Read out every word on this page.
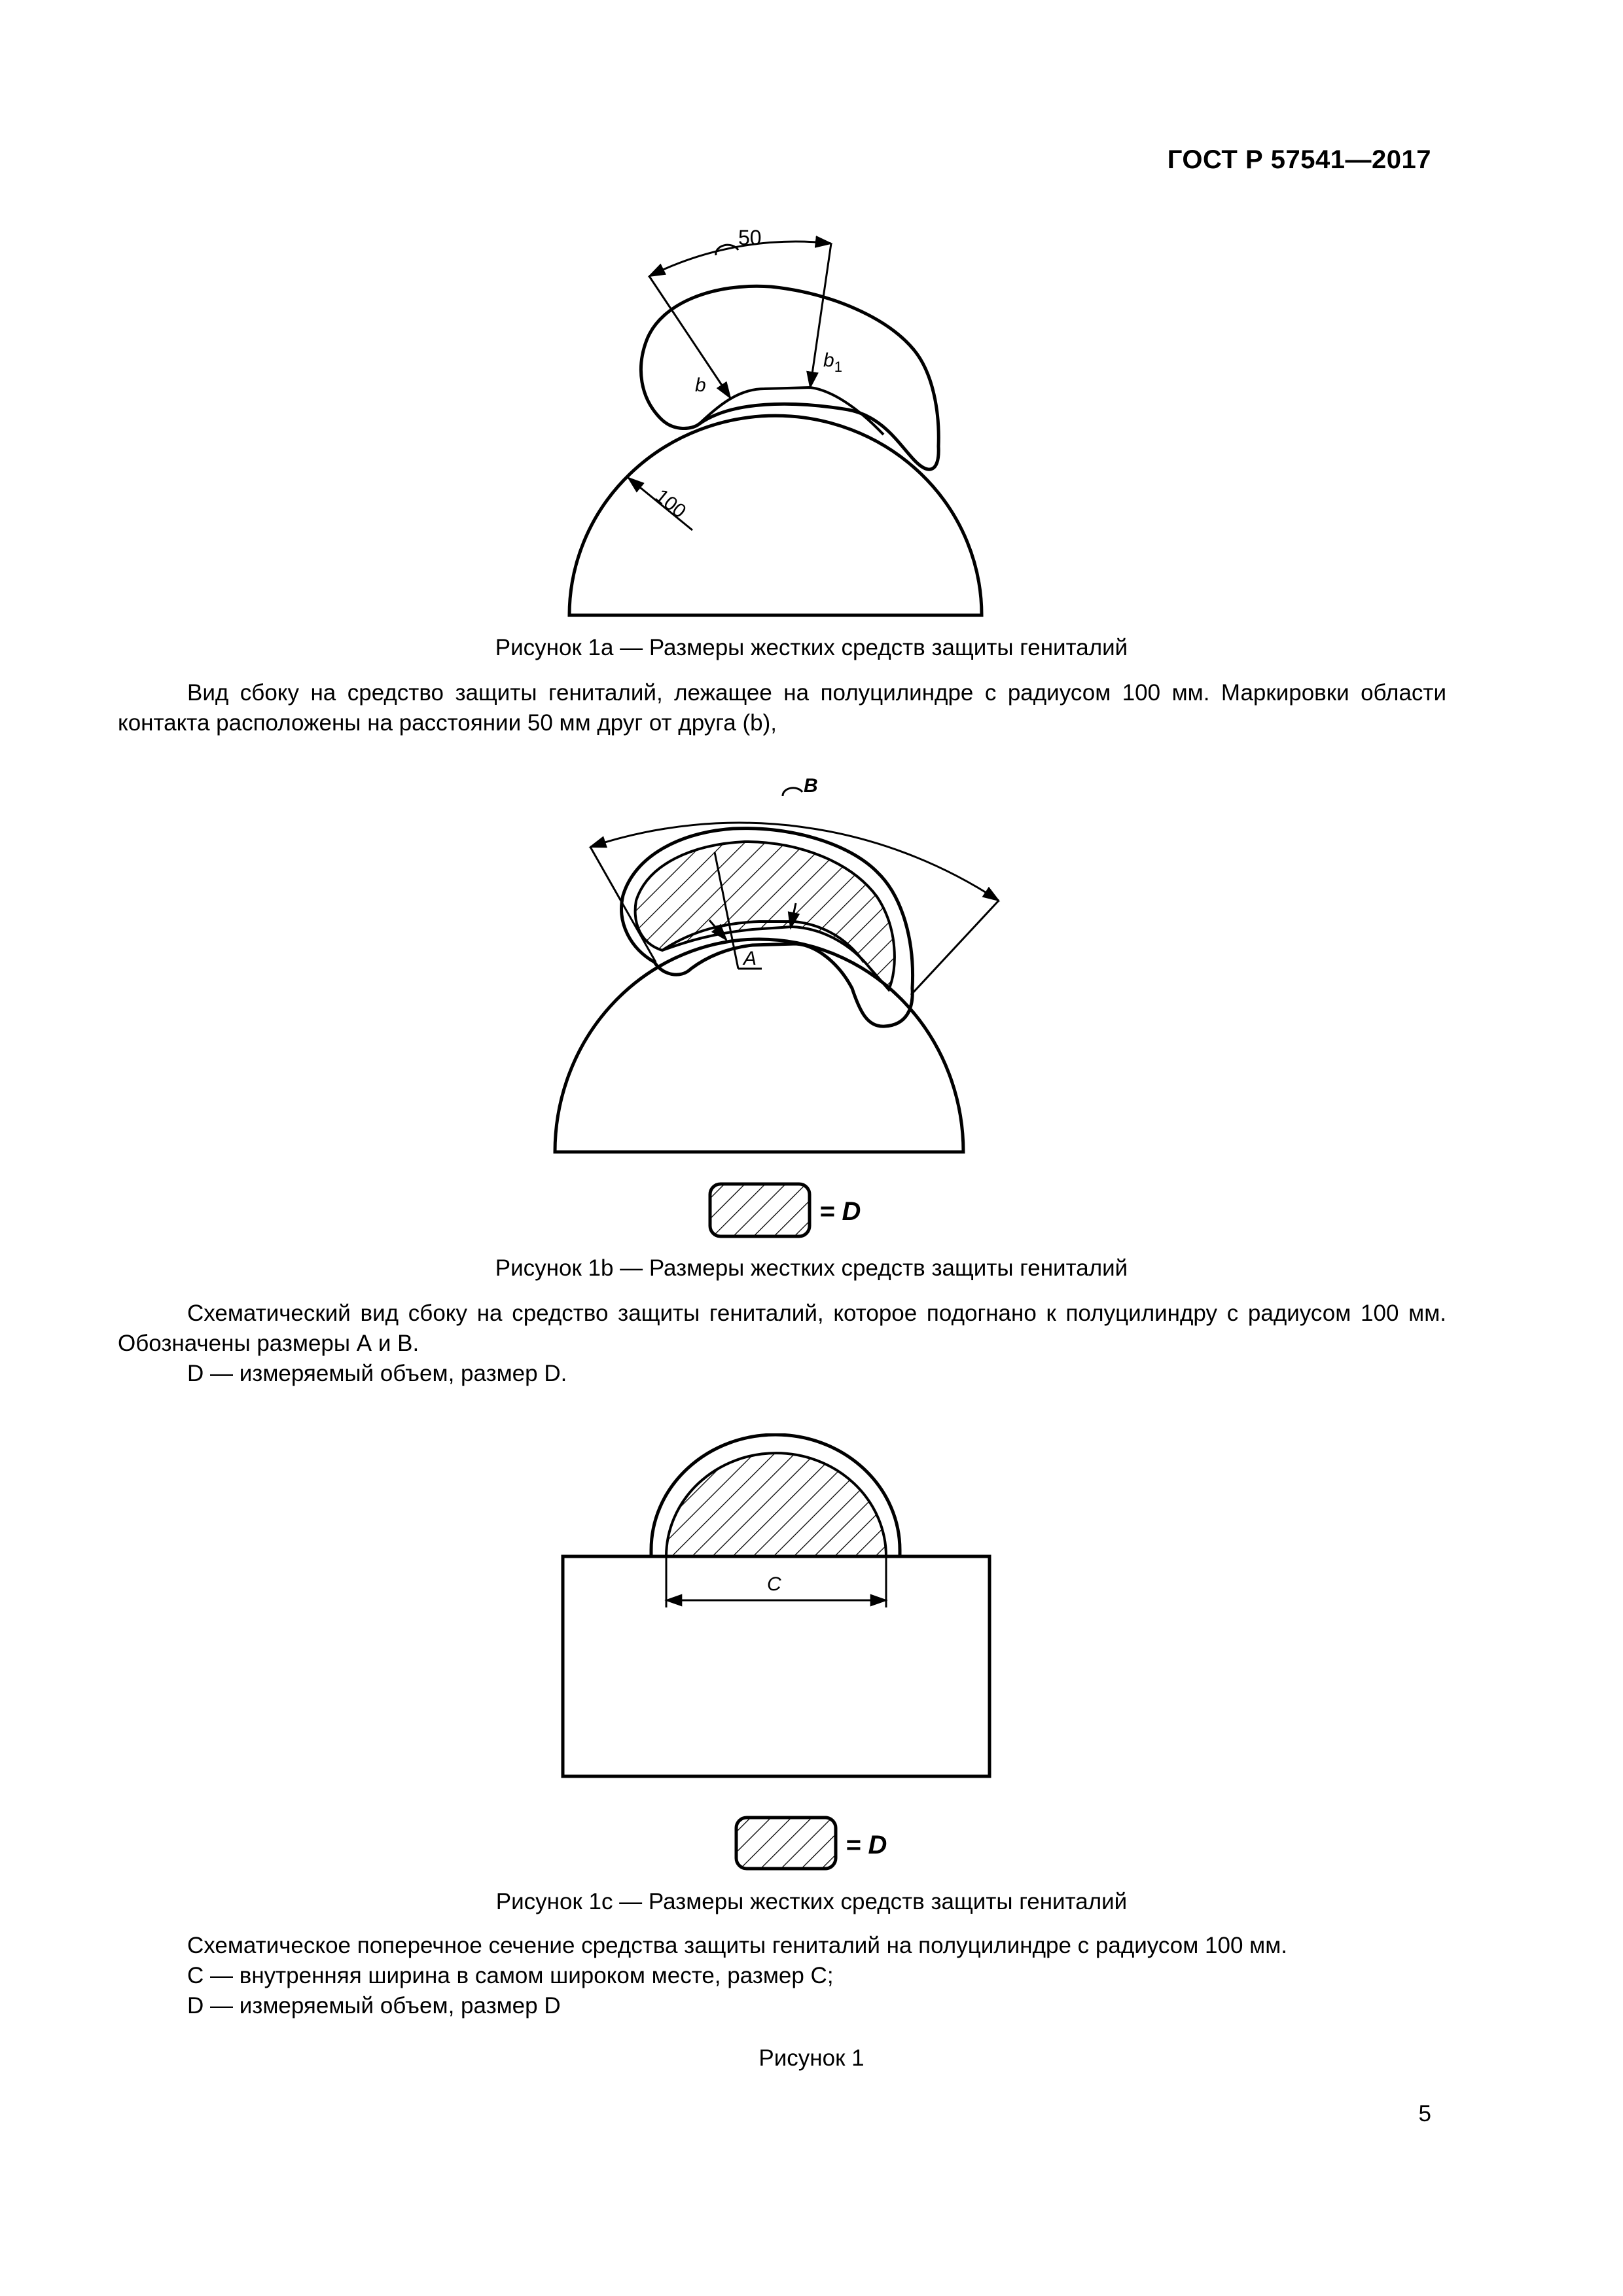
ГОСТ Р 57541—2017
50
b
$b_1$
100
Рисунок 1а — Размеры жестких средств защиты гениталий
Вид сбоку на средство защиты гениталий, лежащее на полуцилиндре с радиусом 100 мм. Маркировки области контакта расположены на расстоянии 50 мм друг от друга (b),
B
A
= D
Рисунок 1b — Размеры жестких средств защиты гениталий
Схематический вид сбоку на средство защиты гениталий, которое подогнано к полуцилиндру с радиусом 100 мм. Обозначены размеры А и В.
D — измеряемый объем, размер D.
C
= D
Рисунок 1с — Размеры жестких средств защиты гениталий
Схематическое поперечное сечение средства защиты гениталий на полуцилиндре с радиусом 100 мм.
С — внутренняя ширина в самом широком месте, размер С;
D — измеряемый объем, размер D
Рисунок 1
5
